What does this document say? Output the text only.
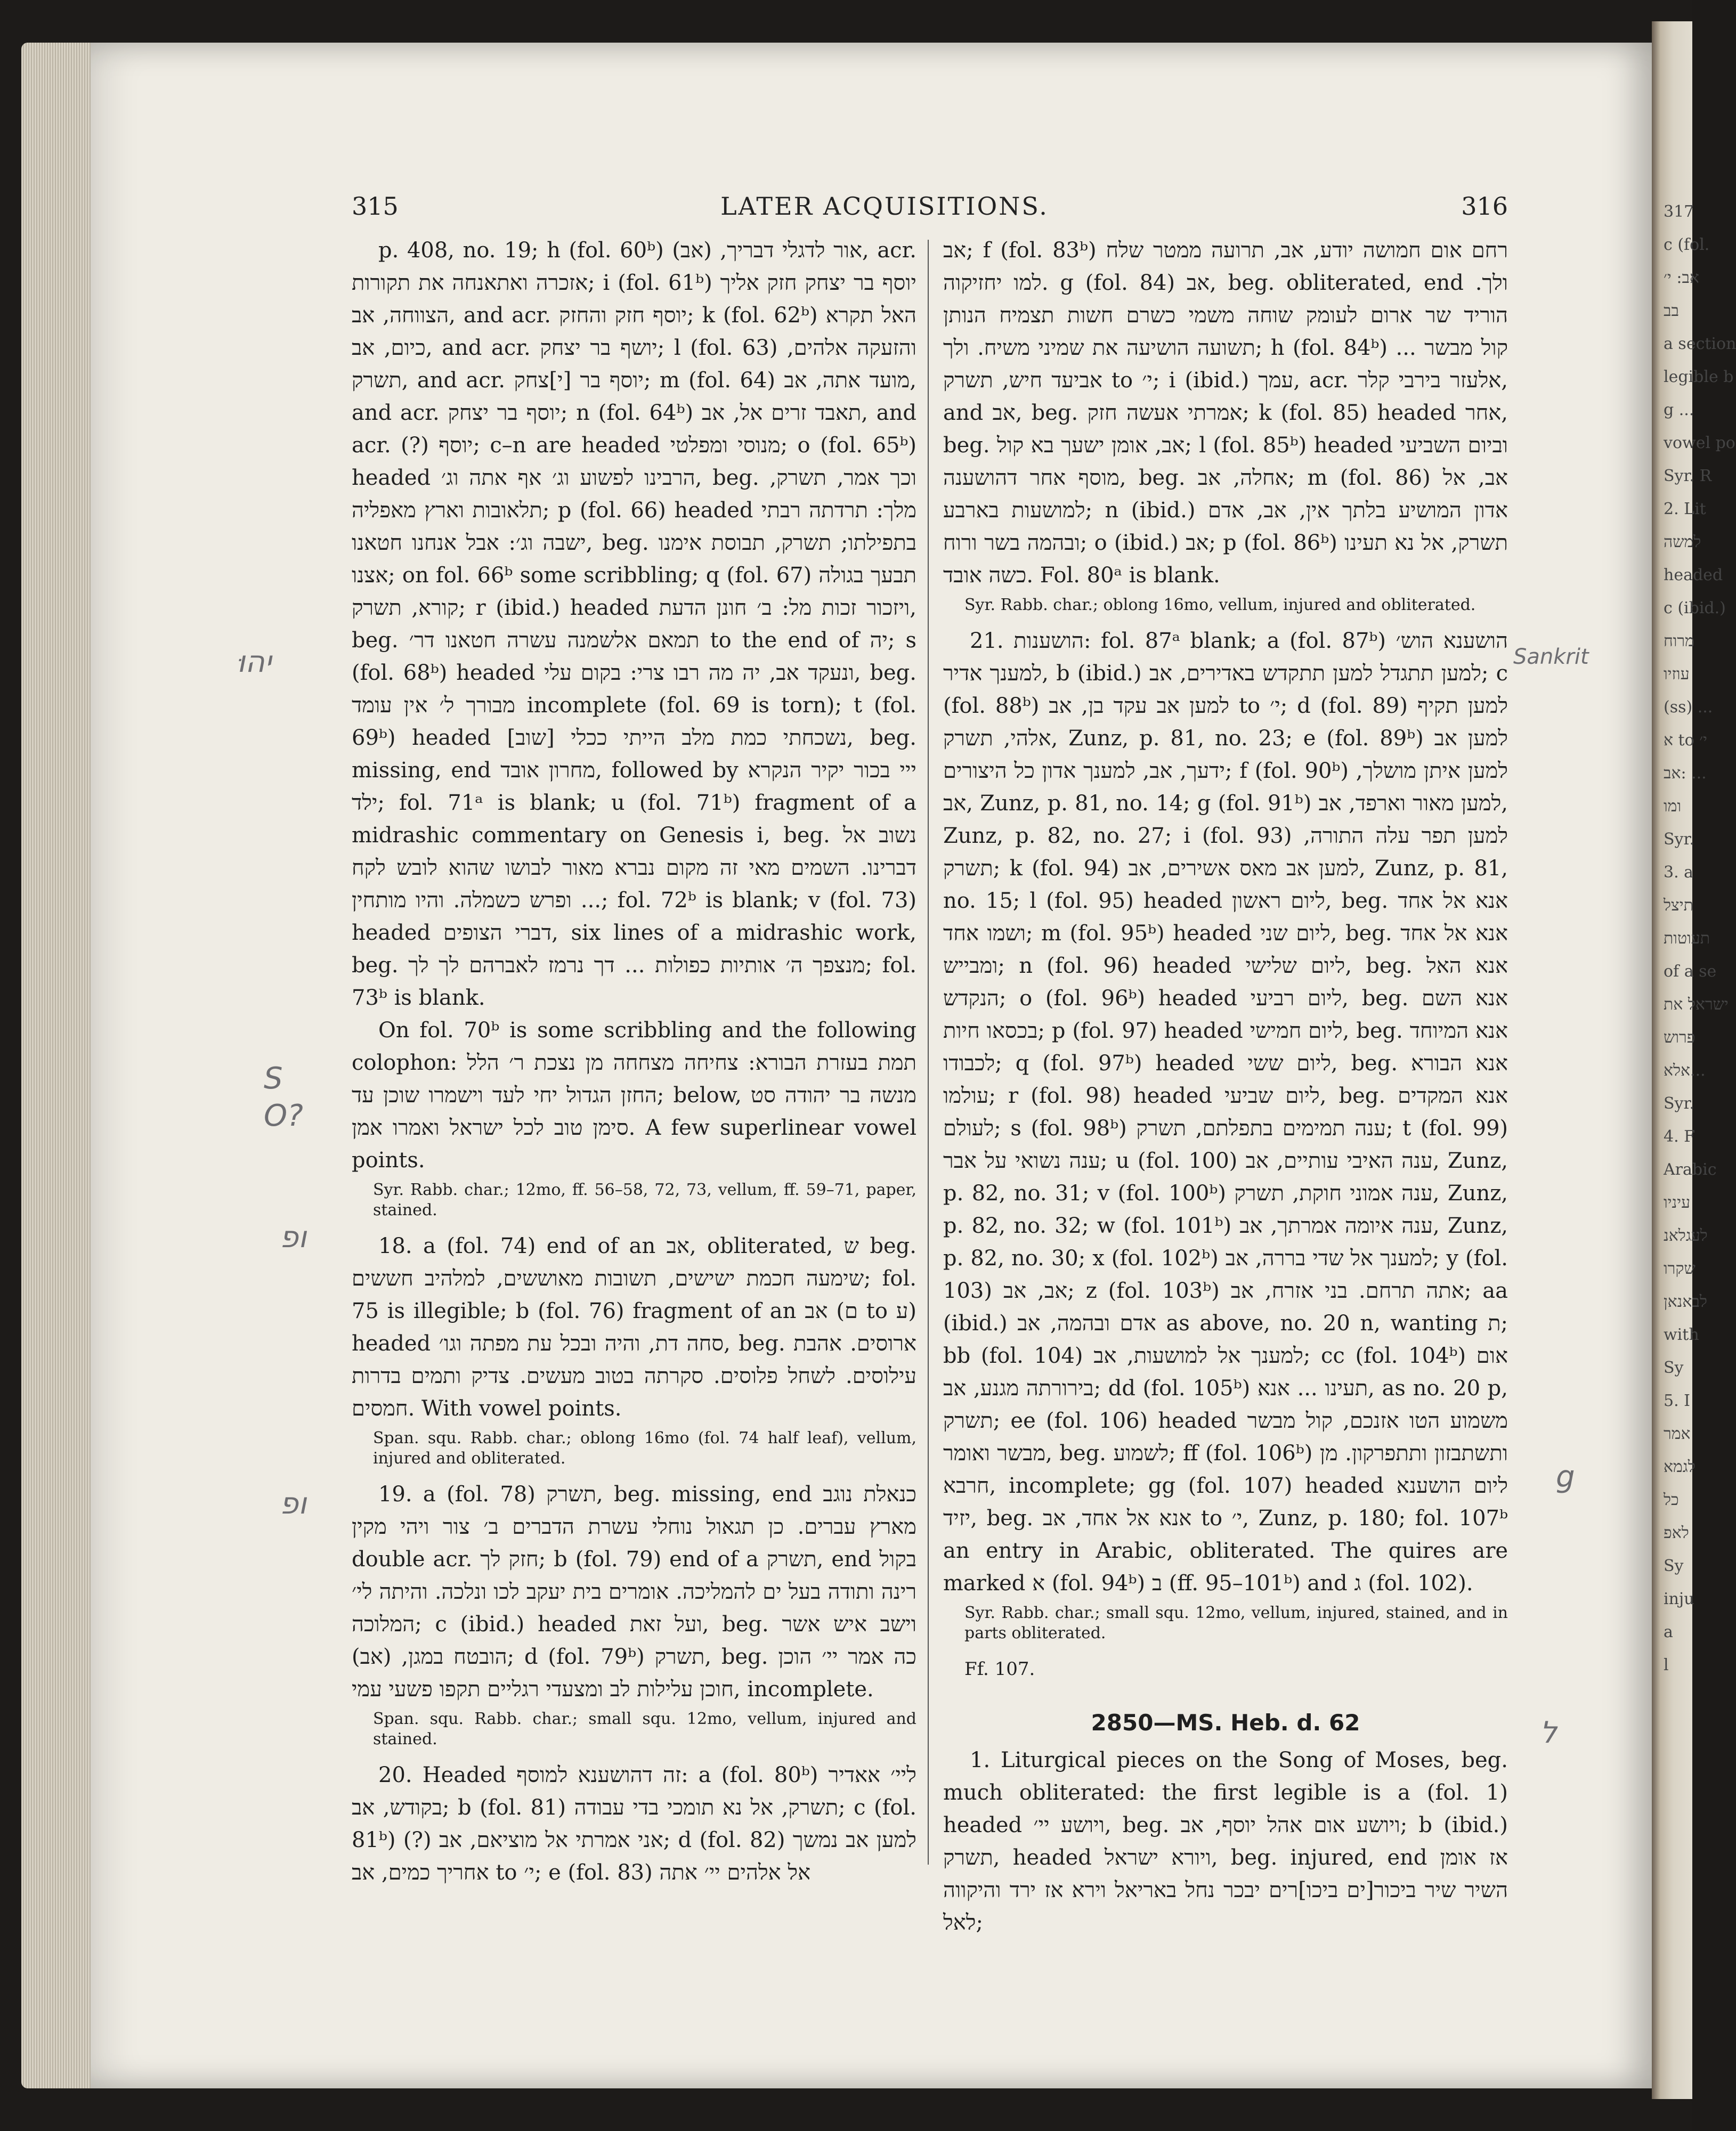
317
c (fol.
אב: י׳
בב
a section
legible b
g ...
vowel po
Syr. R
2. Lit
למשה
headed
c (ibid.)
מרוח
עוזיו
(ss) ...
א to י׳
אב: ...
ומו
Syr.
3. a
תיצל
תעוטות
of a se
ישראל את
פרוש
אלא...
Syr.
4. F
Arabic
עיניו
לעגלאנ
שקרו
לבאנאן
with
Sy
5. I
אמר
לגמא
כל
לאפ
Sy
inju
a
l
315	LATER ACQUISITIONS.	316

p. 408, no. 19; h (fol. 60ᵇ) אור לדגלי דבריך, (אב), acr. אזכרה ואתאנחה את תקורות; i (fol. 61ᵇ) יוסף בר יצחק חזק אליך הצווחה, אב, and acr. יוסף חזק והחזק; k (fol. 62ᵇ) האל תקרא כיום, אב, and acr. יושף בר יצחק; l (fol. 63) והזעקה אלהים, תשרק, and acr. יוסף בר [י]צחק; m (fol. 64) מועד אתה, אב, and acr. יוסף בר יצחק; n (fol. 64ᵇ) תאבד זרים אל, אב, and acr. (?) יוסף; c–n are headed מנוסי ומפלטי; o (fol. 65ᵇ) headed הרבינו לפשוע וג׳ אף אתה וג׳, beg. וכך אמר, תשרק, תלאובות וארץ מאפליה; p (fol. 66) headed מלך: תרדתה רבתי ישבה וג׳: אבל אנחנו חטאנו, beg. בתפילתו; תשרק, תבוסת אימנו אצנו; on fol. 66ᵇ some scribbling; q (fol. 67) תבעך בגולה קורא, תשרק; r (ibid.) headed ויזכור זכות מל: ב׳ חונן הדעת, beg. תמאם אלשמנה עשרה חטאנו דר׳ to the end of יה; s (fol. 68ᵇ) headed ונעקד אב, יה מה רבו צרי: בקום עלי, beg. מבורך ל׳ אין עומד incomplete (fol. 69 is torn); t (fol. 69ᵇ) headed [שוב] נשכחתי כמת מלב הייתי ככלי, beg. missing, end מחרון אובד, followed by ייי בכור יקיר הנקרא ילד; fol. 71ᵃ is blank; u (fol. 71ᵇ) fragment of a midrashic commentary on Genesis i, beg. נשוב אל דברינו. השמים מאי זה מקום נברא מאור לבושו שהוא לובש לקח ופרש כשמלה. והיו מותחין ...; fol. 72ᵇ is blank; v (fol. 73) headed דברי הצופים, six lines of a midrashic work, beg. מנצפך ה׳ אותיות כפולות ... דך נרמז לאברהם לך לך; fol. 73ᵇ is blank.

On fol. 70ᵇ is some scribbling and the following colophon: תמת בעזרת הבורא: צחיחה מצחחה מן נצכת ר׳ הלל החזן הגדול יחי לעד וישמרו שוכן עד; below, מנשה בר יהודה סט סימן טוב לכל ישראל ואמרו אמן. A few superlinear vowel points.

Syr. Rabb. char.; 12mo, ff. 56–58, 72, 73, vellum, ff. 59–71, paper, stained.

18. a (fol. 74) end of an אב, obliterated, ש beg. שימעה חכמת ישישים, תשובות מאוששים, למלהיב חששים; fol. 75 is illegible; b (fol. 76) fragment of an אב (ם to ע) headed סחה דת, והיה ובכל עת מפתה וגו׳, beg. ארוסים. אהבת עילוסים. לשחל פלוסים. סקרתה בטוב מעשים. צדיק ותמים בדרות חמסים. With vowel points.

Span. squ. Rabb. char.; oblong 16mo (fol. 74 half leaf), vellum, injured and obliterated.

19. a (fol. 78) תשרק, beg. missing, end כנאלת נוגב מארץ עברים. כן תגאול נוחלי עשרת הדברים ב׳ צור ויהי מקין double acr. חזק לך; b (fol. 79) end of a תשרק, end בקול רינה ותודה בעל ים להמליכה. אומרים בית יעקב לכו ונלכה. והיתה לי׳ המלוכה; c (ibid.) headed ועל זאת, beg. וישב איש אשר הובטח במגן, (אב); d (fol. 79ᵇ) תשרק, beg. כה אמר יי׳ הוכן חוכן עלילות לב ומצעדי רגליים תקפו פשעי עמי, incomplete.

Span. squ. Rabb. char.; small squ. 12mo, vellum, injured and stained.

20. Headed זה דהושענא למוסף: a (fol. 80ᵇ) ליי׳ אאדיר בקודש, אב; b (fol. 81) תשרק, אל נא תומכי בדי עבודה; c (fol. 81ᵇ) (?) אני אמרתי אל מוציאם, אב; d (fol. 82) למען אב נמשך אחריך כמים, אב to י׳; e (fol. 83) אל אלהים יי׳ אתה

אב; f (fol. 83ᵇ) רחם אום חמושה יודע, אב, תרועה ממטר שלח למו יחזיקוה. g (fol. 84) אב, beg. obliterated, end ולך. הוריד שר ארום לעומק שוחה משמי כשרם חשות תצמיח הנותן תשועה הושיעה את שמיני משיח. ולך; h (fol. 84ᵇ) קול מבשר ... אביעד חיש, תשרק to י׳; i (ibid.) עמך, acr. אלעזר בירבי קלר, and אב, beg. אמרתי אעשה חזק; k (fol. 85) headed אחר, beg. אב, אומן ישעך בא קול; l (fol. 85ᵇ) headed וביום השביעי מוסף אחר דהושענה, beg. אחלה, אב; m (fol. 86) אב, אל למושעות בארבע; n (ibid.) אדון המושיע בלתך אין, אב, אדם ובהמה בשר ורוח; o (ibid.) אב; p (fol. 86ᵇ) תשרק, אל נא תעינו כשה אובד. Fol. 80ᵃ is blank.

Syr. Rabb. char.; oblong 16mo, vellum, injured and obliterated.

21. הושענות: fol. 87ᵃ blank; a (fol. 87ᵇ) הושענא הוש׳ למענך אדיר, b (ibid.) למען תתגדל למען תתקדש באדירים, אב; c (fol. 88ᵇ) למען אב עקד בן, אב to י׳; d (fol. 89) למען תקיף אלהי, תשרק, Zunz, p. 81, no. 23; e (fol. 89ᵇ) למען אב ידעך, אב, למענך אדון כל היצורים; f (fol. 90ᵇ) למען איתן מושלך, אב, Zunz, p. 81, no. 14; g (fol. 91ᵇ) למען מאור וארפד, אב, Zunz, p. 82, no. 27; i (fol. 93) למען תפר עלה התורה, תשרק; k (fol. 94) למען אב מאס אשירים, אב, Zunz, p. 81, no. 15; l (fol. 95) headed ליום ראשון, beg. אנא אל אחד ושמו אחד; m (fol. 95ᵇ) headed ליום שני, beg. אנא אל אחד ומבייש; n (fol. 96) headed ליום שלישי, beg. אנא האל הנקדש; o (fol. 96ᵇ) headed ליום רביעי, beg. אנא השם בכסאו חיות; p (fol. 97) headed ליום חמישי, beg. אנא המיוחד לכבודו; q (fol. 97ᵇ) headed ליום ששי, beg. אנא הבורא עולמו; r (fol. 98) headed ליום שביעי, beg. אנא המקדים לעולם; s (fol. 98ᵇ) ענה תמימים בתפלתם, תשרק; t (fol. 99) ענה נשואי על אבר; u (fol. 100) ענה האיבי עותיים, אב, Zunz, p. 82, no. 31; v (fol. 100ᵇ) ענה אמוני חוקת, תשרק, Zunz, p. 82, no. 32; w (fol. 101ᵇ) ענה איומה אמרתך, אב, Zunz, p. 82, no. 30; x (fol. 102ᵇ) למענך אל שדי בררה, אב; y (fol. 103) אב, אב; z (fol. 103ᵇ) אתה תרחם. בני אזרח, אב; aa (ibid.) אדם ובהמה, אב as above, no. 20 n, wanting ת; bb (fol. 104) למענך אל למושעות, אב; cc (fol. 104ᵇ) אום בירורתה מגנע, אב; dd (fol. 105ᵇ) תעינו ... אנא, as no. 20 p, תשרק; ee (fol. 106) headed משמוע הטו אזנכם, קול מבשר מבשר ואומר, beg. לשמוע; ff (fol. 106ᵇ) ותשתבזון ותתפרקון. מן חרבא, incomplete; gg (fol. 107) headed ליום הושענא יזיד, beg. אנא אל אחד, אב to י׳, Zunz, p. 180; fol. 107ᵇ an entry in Arabic, obliterated. The quires are marked א (fol. 94ᵇ) ב (ff. 95–101ᵇ) and ג (fol. 102).

Syr. Rabb. char.; small squ. 12mo, vellum, injured, stained, and in parts obliterated.

Ff. 107.

2850—MS. Heb. d. 62

1. Liturgical pieces on the Song of Moses, beg. much obliterated: the first legible is a (fol. 1) headed ויושע יי׳, beg. ויושע אום אהל יוסף, אב; b (ibid.) תשרק, headed ויורא ישראל, beg. injured, end אז אומן השיר שיר ביכור[ים ביכו]רים יבכר נחל באריאל וירא אז ירד והיקווה לאל;

יהוּ
S O?
ופ
ופ
Sankrit
g
ל
